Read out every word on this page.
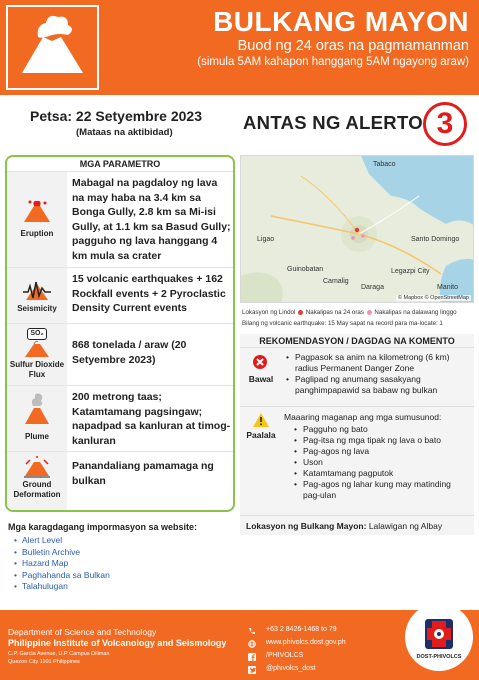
BULKANG MAYON
Buod ng 24 oras na pagmamanman
(simula 5AM kahapon hanggang 5AM ngayong araw)
Petsa: 22 Setyembre 2023
(Mataas na aktibidad)	ANTAS NG ALERTO 3
MGA PARAMETRO
Eruption
Mabagal na pagdaloy ng lava na may haba na 3.4 km sa Bonga Gully, 2.8 km sa Mi-isi Gully, at 1.1 km sa Basud Gully; pagguho ng lava hanggang 4 km mula sa crater
Seismicity
15 volcanic earthquakes + 162 Rockfall events + 2 Pyroclastic Density Current events
SO₂
Sulfur Dioxide Flux
868 tonelada / araw (20 Setyembre 2023)
Plume
200 metrong taas; Katamtamang pagsingaw; napadpad sa kanluran at timog-kanluran
Ground Deformation
Panandaliang pamamaga ng bulkan
Mga karagdagang impormasyon sa website:
• Alert Level
• Bulletin Archive
• Hazard Map
• Paghahanda sa Bulkan
• Talahulugan
Tabaco
Ligao	Santo Domingo
Guinobatan	Legazpi City
Camalig
Daraga	Manito
© Mapbox © OpenStreetMap
Lokasyon ng Lindol Nakalipas na 24 oras Nakalipas na dalawang linggo
Bilang ng volcanic earthquake: 15 May sapat na record para ma-locate: 1
REKOMENDASYON / DAGDAG NA KOMENTO
Bawal
• Pagpasok sa anim na kilometrong (6 km) radius Permanent Danger Zone
• Paglipad ng anumang sasakyang panghimpapawid sa babaw ng bulkan
Paalala
Maaaring maganap ang mga sumusunod:
• Pagguho ng bato
• Pag-itsa ng mga tipak ng lava o bato
• Pag-agos ng lava
• Uson
• Katamtamang pagputok
• Pag-agos ng lahar kung may matinding pag-ulan
Lokasyon ng Bulkang Mayon: Lalawigan ng Albay
Department of Science and Technology
Philippine Institute of Volcanology and Seismology
C.P. Garcia Avenue, U.P Campus Diliman
Quezon City 1101 Philippines
+63 2 8426-1468 to 79
www.phivolcs.dost.gov.ph
/PHIVOLCS
@phivolcs_dost
DOST-PHIVOLCS
